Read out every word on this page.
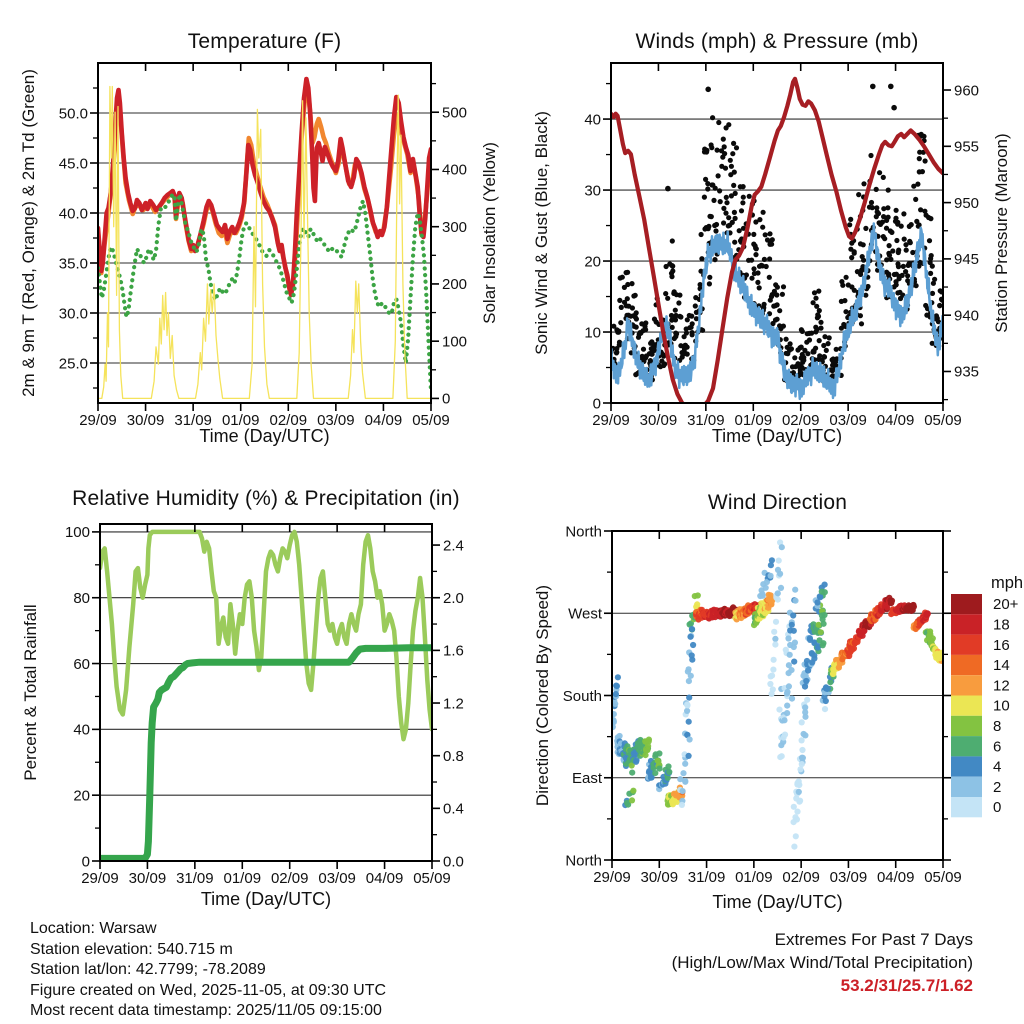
29/09 30/09 31/09 01/09 02/09 03/09 04/09 05/09
25.0
30.0
35.0
40.0
45.0
50.0
0
100
200
300
400
500
2m & 9m T (Red, Orange) & 2m Td (Green)	Solar Insolation (Yellow)
29/09 30/09 31/09 01/09 02/09 03/09 04/09 05/09
0
10
20
30
40
935
940
945
950
955
960
Sonic Wind & Gust (Blue, Black)	Station Pressure (Maroon)
29/09 30/09 31/09 01/09 02/09 03/09 04/09 05/09
0
20
40
60
80
100
0.0
0.4
0.8
1.2
1.6
2.0
2.4
Percent & Total Rainfall
29/09 30/09 31/09 01/09 02/09 03/09 04/09 05/09
North
East
South
West
North
Direction (Colored By Speed)
mph
20+
18
16
14
12
10
8
6
4
2
0
Temperature (F)	Winds (mph) & Pressure (mb)
Relative Humidity (%) & Precipitation (in)	Wind Direction
Time (Day/UTC)	Time (Day/UTC)
Time (Day/UTC)	Time (Day/UTC)
Location: Warsaw
Station elevation: 540.715 m
Station lat/lon: 42.7799; -78.2089
Figure created on Wed, 2025-11-05, at 09:30 UTC
Most recent data timestamp: 2025/11/05 09:15:00
Extremes For Past 7 Days
(High/Low/Max Wind/Total Precipitation)
53.2/31/25.7/1.62
